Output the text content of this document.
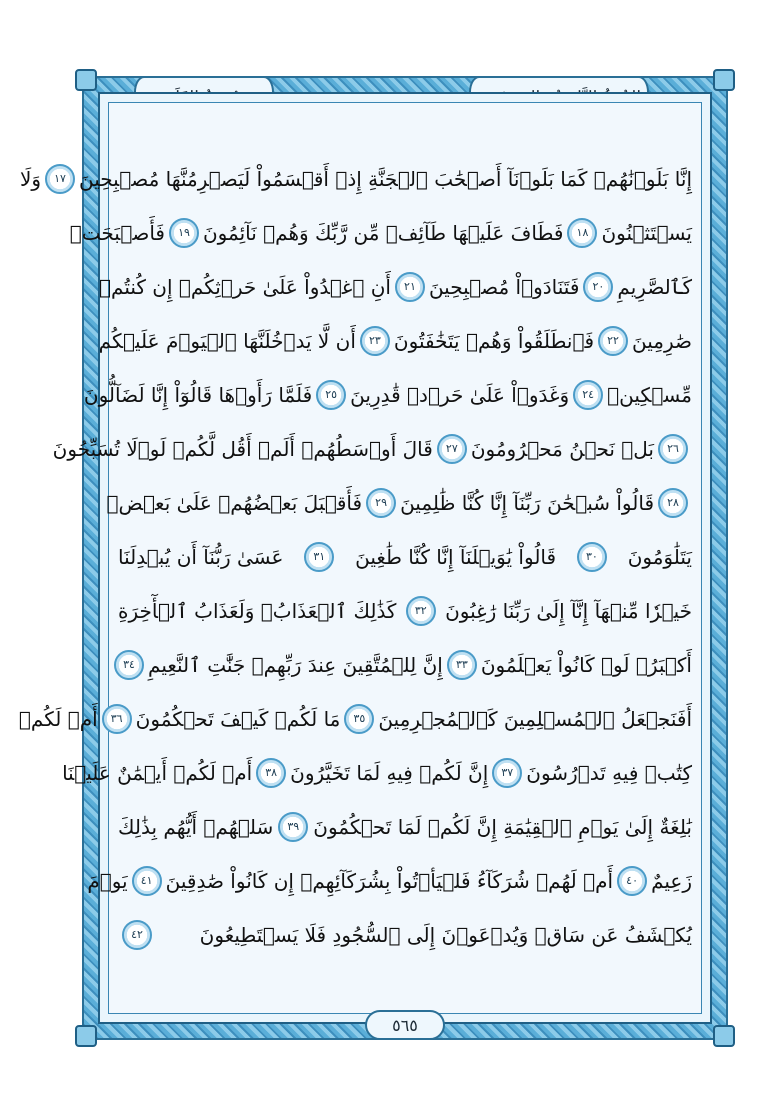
إِنَّا بَلَوۡنَٰهُمۡ كَمَا بَلَوۡنَآ أَصۡحَٰبَ ٱلۡجَنَّةِ إِذۡ أَقۡسَمُواْ لَيَصۡرِمُنَّهَا مُصۡبِحِينَ
١٧
وَلَا
يَسۡتَثۡنُونَ
١٨
فَطَافَ عَلَيۡهَا طَآئِفٞ مِّن رَّبِّكَ وَهُمۡ نَآئِمُونَ
١٩
فَأَصۡبَحَتۡ
كَٱلصَّرِيمِ
٢٠
فَتَنَادَوۡاْ مُصۡبِحِينَ
٢١
أَنِ ٱغۡدُواْ عَلَىٰ حَرۡثِكُمۡ إِن كُنتُمۡ
صَٰرِمِينَ
٢٢
فَٱنطَلَقُواْ وَهُمۡ يَتَخَٰفَتُونَ
٢٣
أَن لَّا يَدۡخُلَنَّهَا ٱلۡيَوۡمَ عَلَيۡكُم
مِّسۡكِينٞ
٢٤
وَغَدَوۡاْ عَلَىٰ حَرۡدٖ قَٰدِرِينَ
٢٥
فَلَمَّا رَأَوۡهَا قَالُوٓاْ إِنَّا لَضَآلُّونَ
٢٦
بَلۡ نَحۡنُ مَحۡرُومُونَ
٢٧
قَالَ أَوۡسَطُهُمۡ أَلَمۡ أَقُل لَّكُمۡ لَوۡلَا تُسَبِّحُونَ
٢٨
قَالُواْ سُبۡحَٰنَ رَبِّنَآ إِنَّا كُنَّا ظَٰلِمِينَ
٢٩
فَأَقۡبَلَ بَعۡضُهُمۡ عَلَىٰ بَعۡضٖ
يَتَلَٰوَمُونَ
٣٠
قَالُواْ يَٰوَيۡلَنَآ إِنَّا كُنَّا طَٰغِينَ
٣١
عَسَىٰ رَبُّنَآ أَن يُبۡدِلَنَا
خَيۡرٗا مِّنۡهَآ إِنَّآ إِلَىٰ رَبِّنَا رَٰغِبُونَ
٣٢
كَذَٰلِكَ ٱلۡعَذَابُۖ وَلَعَذَابُ ٱلۡأٓخِرَةِ
أَكۡبَرُۚ لَوۡ كَانُواْ يَعۡلَمُونَ
٣٣
إِنَّ لِلۡمُتَّقِينَ عِندَ رَبِّهِمۡ جَنَّٰتِ ٱلنَّعِيمِ
٣٤
أَفَنَجۡعَلُ ٱلۡمُسۡلِمِينَ كَٱلۡمُجۡرِمِينَ
٣٥
مَا لَكُمۡ كَيۡفَ تَحۡكُمُونَ
٣٦
أَمۡ لَكُمۡ
كِتَٰبٞ فِيهِ تَدۡرُسُونَ
٣٧
إِنَّ لَكُمۡ فِيهِ لَمَا تَخَيَّرُونَ
٣٨
أَمۡ لَكُمۡ أَيۡمَٰنٌ عَلَيۡنَا
بَٰلِغَةٌ إِلَىٰ يَوۡمِ ٱلۡقِيَٰمَةِ إِنَّ لَكُمۡ لَمَا تَحۡكُمُونَ
٣٩
سَلۡهُمۡ أَيُّهُم بِذَٰلِكَ
زَعِيمٌ
٤٠
أَمۡ لَهُمۡ شُرَكَآءُ فَلۡيَأۡتُواْ بِشُرَكَآئِهِمۡ إِن كَانُواْ صَٰدِقِينَ
٤١
يَوۡمَ
يُكۡشَفُ عَن سَاقٖ وَيُدۡعَوۡنَ إِلَى ٱلسُّجُودِ فَلَا يَسۡتَطِيعُونَ
٤٢
٥٦٥
